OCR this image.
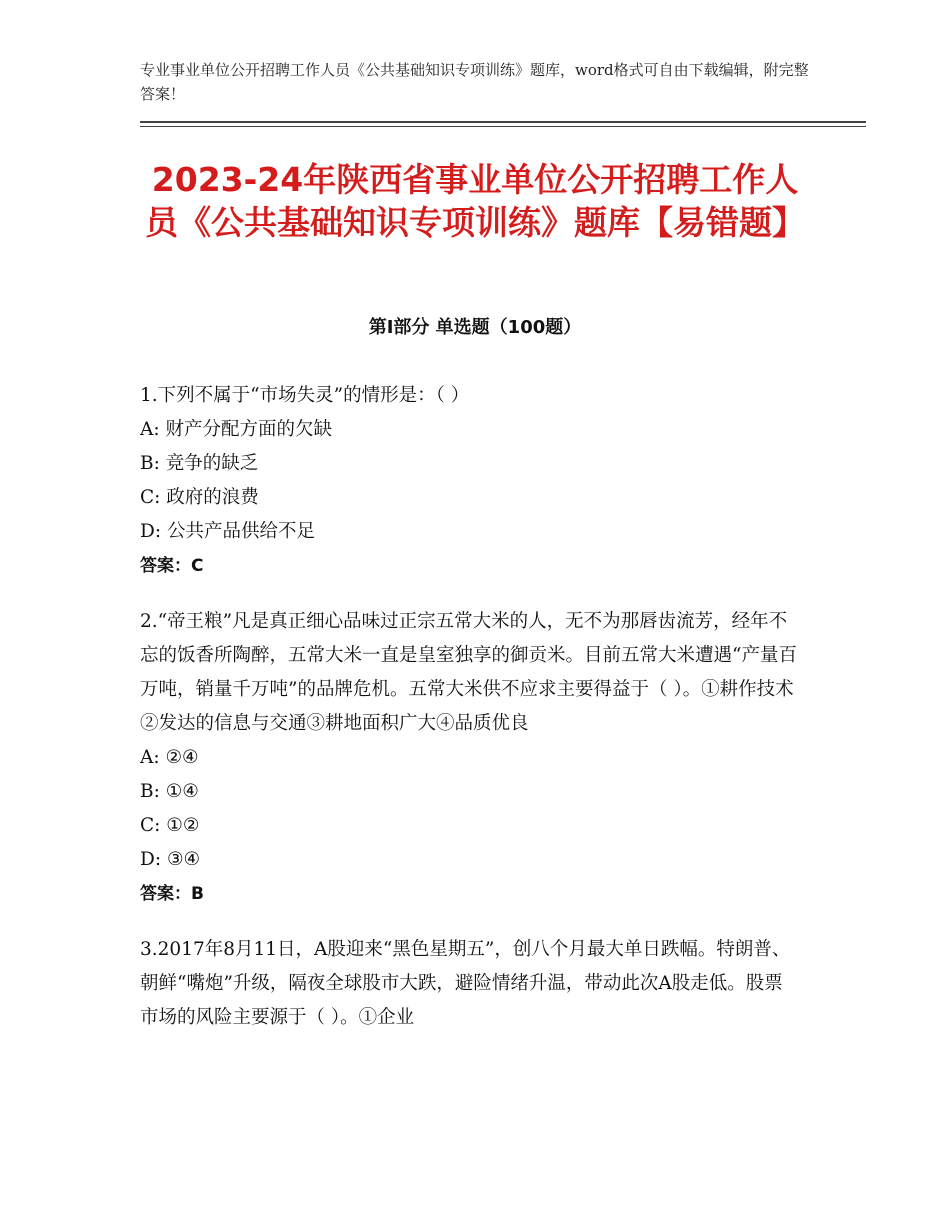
专业事业单位公开招聘工作人员《公共基础知识专项训练》题库，word格式可自由下载编辑，附完整答案！
2023-24年陕西省事业单位公开招聘工作人员《公共基础知识专项训练》题库【易错题】
第Ⅰ部分 单选题（100题）

1.下列不属于“市场失灵”的情形是：（ ）

A: 财产分配方面的欠缺

B: 竞争的缺乏

C: 政府的浪费

D: 公共产品供给不足

答案：C

2.“帝王粮”凡是真正细心品味过正宗五常大米的人，无不为那唇齿流芳，经年不忘的饭香所陶醉，五常大米一直是皇室独享的御贡米。目前五常大米遭遇“产量百万吨，销量千万吨”的品牌危机。五常大米供不应求主要得益于（ ）。①耕作技术②发达的信息与交通③耕地面积广大④品质优良

A: ②④

B: ①④

C: ①②

D: ③④

答案：B

3.2017年8月11日，A股迎来“黑色星期五”，创八个月最大单日跌幅。特朗普、朝鲜“嘴炮”升级，隔夜全球股市大跌，避险情绪升温，带动此次A股走低。股票市场的风险主要源于（ ）。①企业
